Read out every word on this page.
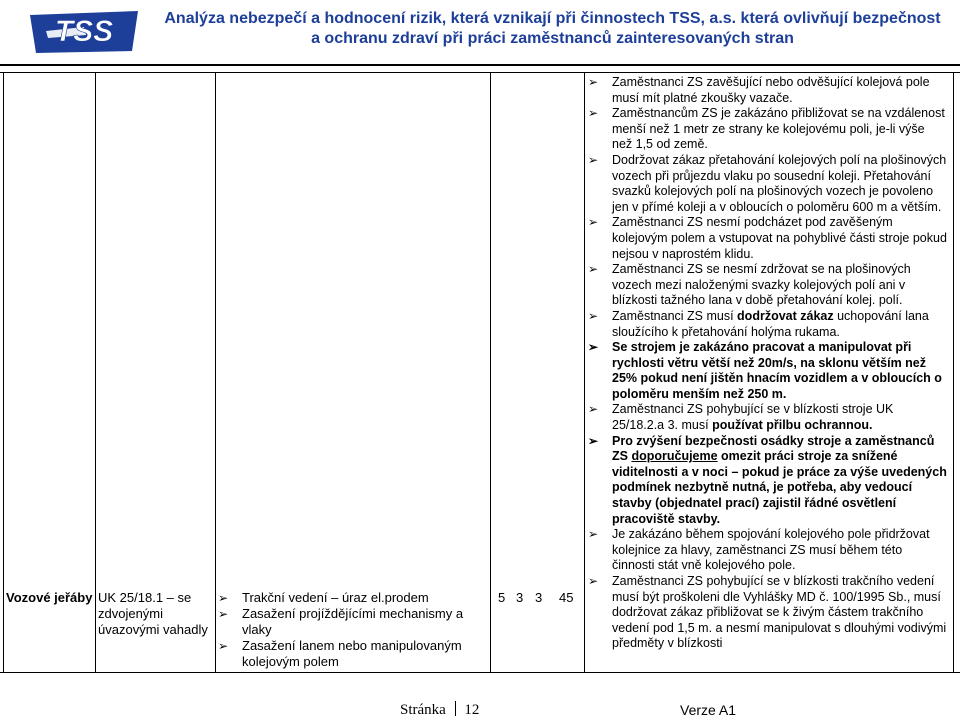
TSS	Analýza nebezpečí a hodnocení rizik, která vznikají při činnostech TSS, a.s. která ovlivňují bezpečnost
a ochranu zdraví při práci zaměstnanců zainteresovaných stran
Vozové jeřáby UK 25/18.1 – se zdvojenými úvazovými vahadly
➢ Trakční vedení – úraz el.prodem
➢ Zasažení projíždějícími mechanismy a vlaky
➢ Zasažení lanem nebo manipulovaným kolejovým polem
5 3 3 45
➢ Zaměstnanci ZS zavěšující nebo odvěšující kolejová pole musí mít platné zkoušky vazače.
➢ Zaměstnancům ZS je zakázáno přibližovat se na vzdálenost menší než 1 metr ze strany ke kolejovému poli, je-li výše než 1,5 od země.
➢ Dodržovat zákaz přetahování kolejových polí na plošinových vozech při průjezdu vlaku po sousední koleji. Přetahování svazků kolejových polí na plošinových vozech je povoleno jen v přímé koleji a v obloucích o poloměru 600 m a větším.
➢ Zaměstnanci ZS nesmí podcházet pod zavěšeným kolejovým polem a vstupovat na pohyblivé části stroje pokud nejsou v naprostém klidu.
➢ Zaměstnanci ZS se nesmí zdržovat se na plošinových vozech mezi naloženými svazky kolejových polí ani v blízkosti tažného lana v době přetahování kolej. polí.
➢ Zaměstnanci ZS musí dodržovat zákaz uchopování lana sloužícího k přetahování holýma rukama.
➢ Se strojem je zakázáno pracovat a manipulovat při rychlosti větru větší než 20m/s, na sklonu větším než 25% pokud není jištěn hnacím vozidlem a v obloucích o poloměru menším než 250 m.
➢ Zaměstnanci ZS pohybující se v blízkosti stroje UK 25/18.2.a 3. musí používat přilbu ochrannou.
➢ Pro zvýšení bezpečnosti osádky stroje a zaměstnanců ZS doporučujeme omezit práci stroje za snížené viditelnosti a v noci – pokud je práce za výše uvedených podmínek nezbytně nutná, je potřeba, aby vedoucí stavby (objednatel prací) zajistil řádné osvětlení pracoviště stavby.
➢ Je zakázáno během spojování kolejového pole přidržovat kolejnice za hlavy, zaměstnanci ZS musí během této činnosti stát vně kolejového pole.
➢ Zaměstnanci ZS pohybující se v blízkosti trakčního vedení musí být proškoleni dle Vyhlášky MD č. 100/1995 Sb., musí dodržovat zákaz přibližovat se k živým částem trakčního vedení pod 1,5 m. a nesmí manipulovat s dlouhými vodivými předměty v blízkosti
Stránka 12	Verze A1
